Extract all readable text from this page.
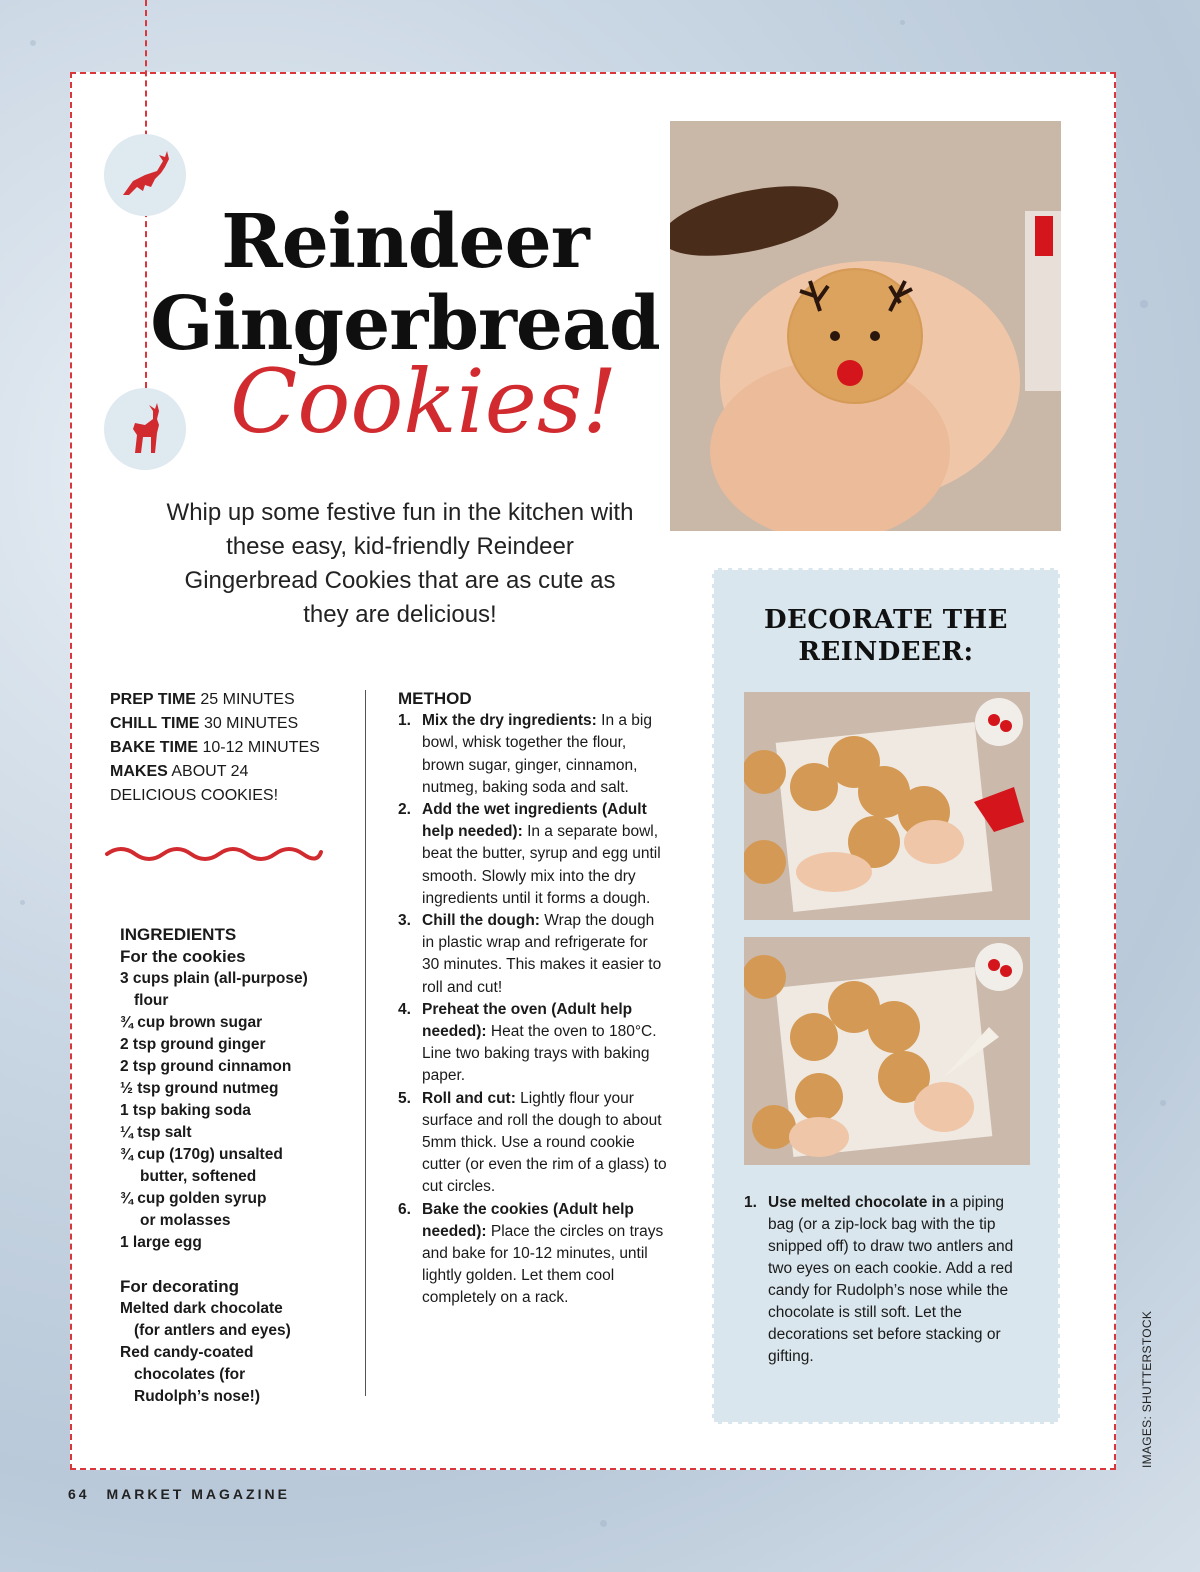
Reindeer
Gingerbread
Cookies!
Whip up some festive fun in the kitchen with these easy, kid-friendly Reindeer Gingerbread Cookies that are as cute as they are delicious!
PREP TIME 25 MINUTES
CHILL TIME 30 MINUTES
BAKE TIME 10-12 MINUTES
MAKES ABOUT 24
DELICIOUS COOKIES!
INGREDIENTS
For the cookies
3 cups plain (all-purpose)
flour
¾ cup brown sugar
2 tsp ground ginger
2 tsp ground cinnamon
½ tsp ground nutmeg
1 tsp baking soda
¼ tsp salt
¾ cup (170g) unsalted
butter, softened
¾ cup golden syrup
or molasses
1 large egg
For decorating
Melted dark chocolate
(for antlers and eyes)
Red candy-coated
chocolates (for
Rudolph’s nose!)
METHOD
1. Mix the dry ingredients: In a big bowl, whisk together the flour, brown sugar, ginger, cinnamon, nutmeg, baking soda and salt.
2. Add the wet ingredients (Adult help needed): In a separate bowl, beat the butter, syrup and egg until smooth. Slowly mix into the dry ingredients until it forms a dough.
3. Chill the dough: Wrap the dough in plastic wrap and refrigerate for 30 minutes. This makes it easier to roll and cut!
4. Preheat the oven (Adult help needed): Heat the oven to 180°C. Line two baking trays with baking paper.
5. Roll and cut: Lightly flour your surface and roll the dough to about 5mm thick. Use a round cookie cutter (or even the rim of a glass) to cut circles.
6. Bake the cookies (Adult help needed): Place the circles on trays and bake for 10-12 minutes, until lightly golden. Let them cool completely on a rack.
DECORATE THE
REINDEER:
1. Use melted chocolate in a piping bag (or a zip-lock bag with the tip snipped off) to draw two antlers and two eyes on each cookie. Add a red candy for Rudolph’s nose while the chocolate is still soft. Let the decorations set before stacking or gifting.	IMAGES: SHUTTERSTOCK
64 MARKET MAGAZINE
